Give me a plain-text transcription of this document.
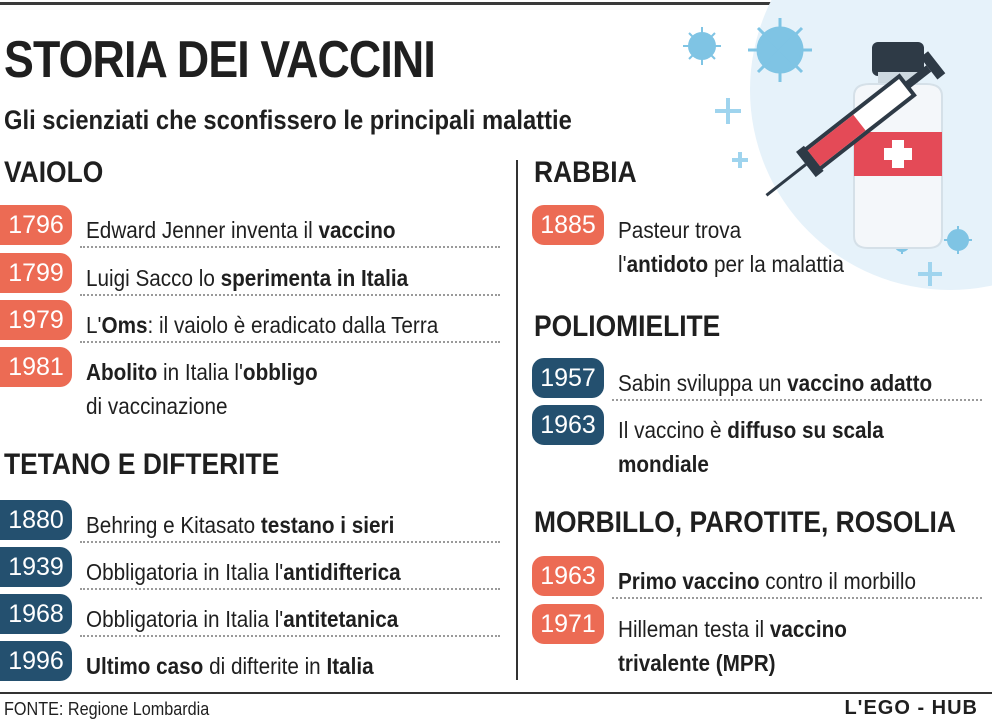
STORIA DEI VACCINI
Gli scienziati che sconfissero le principali malattie
VAIOLO
1796 Edward Jenner inventa il vaccino
1799 Luigi Sacco lo sperimenta in Italia
1979 L'Oms: il vaiolo è eradicato dalla Terra
1981 Abolito in Italia l'obbligo
di vaccinazione
TETANO E DIFTERITE
1880 Behring e Kitasato testano i sieri
1939 Obbligatoria in Italia l'antidifterica
1968 Obbligatoria in Italia l'antitetanica
1996 Ultimo caso di difterite in Italia
RABBIA
1885 Pasteur trova
l'antidoto per la malattia
POLIOMIELITE
1957 Sabin sviluppa un vaccino adatto
1963 Il vaccino è diffuso su scala
mondiale
MORBILLO, PAROTITE, ROSOLIA
1963 Primo vaccino contro il morbillo
1971 Hilleman testa il vaccino
trivalente (MPR)
FONTE: Regione Lombardia	L'EGO - HUB
